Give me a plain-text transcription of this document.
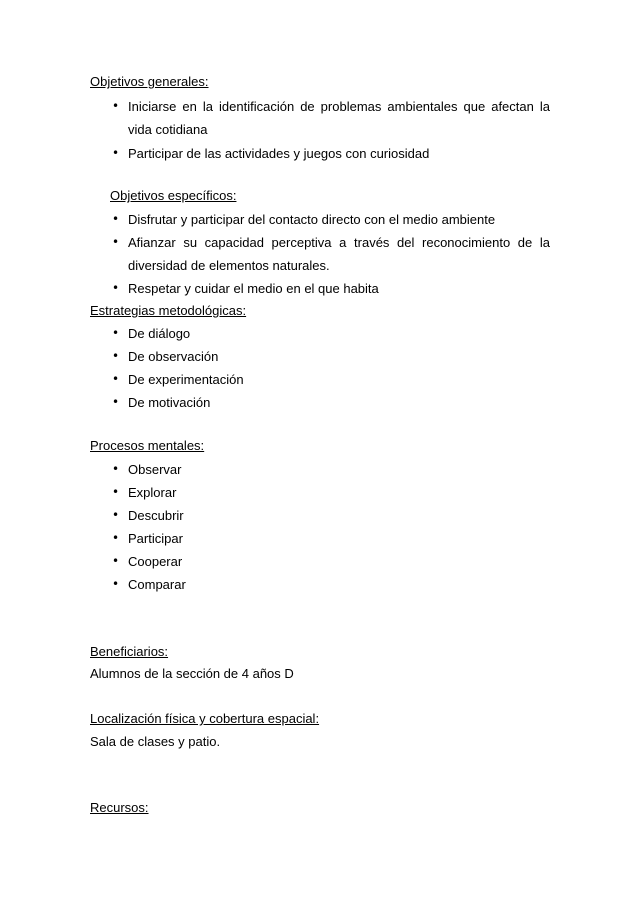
Objetivos generales:
• Iniciarse en la identificación de problemas ambientales que afectan la vida cotidiana
• Participar de las actividades y juegos con curiosidad
Objetivos específicos:
• Disfrutar y participar del contacto directo con el medio ambiente
• Afianzar su capacidad perceptiva a través del reconocimiento de la diversidad de elementos naturales.
• Respetar y cuidar el medio en el que habita
Estrategias metodológicas:
• De diálogo
• De observación
• De experimentación
• De motivación
Procesos mentales:
• Observar
• Explorar
• Descubrir
• Participar
• Cooperar
• Comparar
Beneficiarios:
Alumnos de la sección de 4 años D
Localización física y cobertura espacial:
Sala de clases y patio.
Recursos:
